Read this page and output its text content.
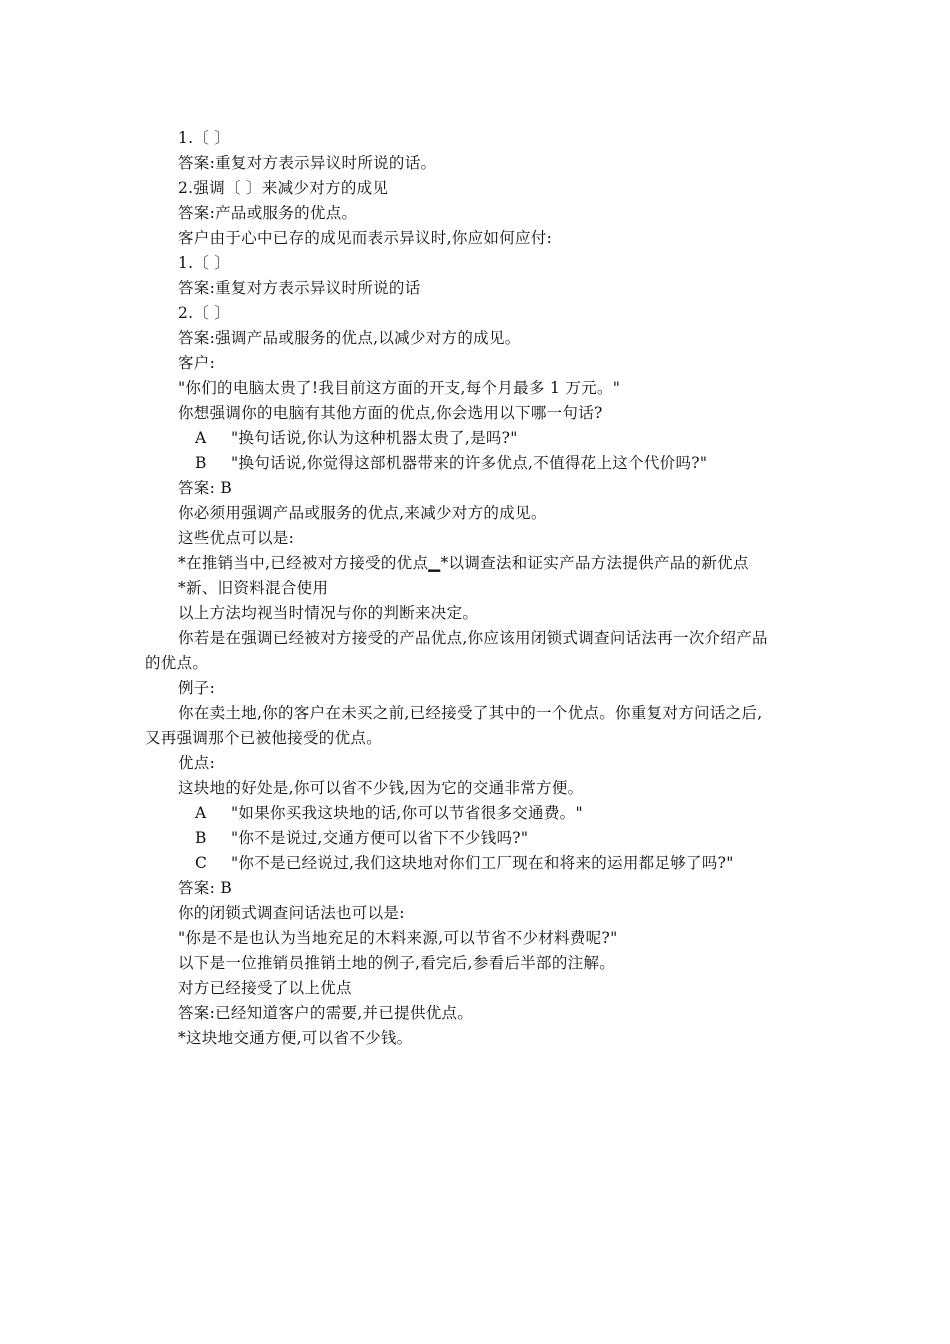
1.〔 〕
答案:重复对方表示异议时所说的话。
2.强调〔 〕来减少对方的成见
答案:产品或服务的优点。
客户由于心中已存的成见而表示异议时,你应如何应付:
1.〔 〕
答案:重复对方表示异议时所说的话
2.〔 〕
答案:强调产品或服务的优点,以减少对方的成见。
客户:
"你们的电脑太贵了!我目前这方面的开支,每个月最多 1 万元。"
你想强调你的电脑有其他方面的优点,你会选用以下哪一句话?
A "换句话说,你认为这种机器太贵了,是吗?"
B "换句话说,你觉得这部机器带来的许多优点,不值得花上这个代价吗?"
答案: B
你必须用强调产品或服务的优点,来减少对方的成见。
这些优点可以是:
*在推销当中,已经被对方接受的优点▁*以调查法和证实产品方法提供产品的新优点
*新、旧资料混合使用
以上方法均视当时情况与你的判断来决定。
你若是在强调已经被对方接受的产品优点,你应该用闭锁式调查问话法再一次介绍产品
的优点。
例子:
你在卖土地,你的客户在未买之前,已经接受了其中的一个优点。你重复对方问话之后,
又再强调那个已被他接受的优点。
优点:
这块地的好处是,你可以省不少钱,因为它的交通非常方便。
A "如果你买我这块地的话,你可以节省很多交通费。"
B "你不是说过,交通方便可以省下不少钱吗?"
C "你不是已经说过,我们这块地对你们工厂现在和将来的运用都足够了吗?"
答案: B
你的闭锁式调查问话法也可以是:
"你是不是也认为当地充足的木料来源,可以节省不少材料费呢?"
以下是一位推销员推销土地的例子,看完后,参看后半部的注解。
对方已经接受了以上优点
答案:已经知道客户的需要,并已提供优点。
*这块地交通方便,可以省不少钱。
